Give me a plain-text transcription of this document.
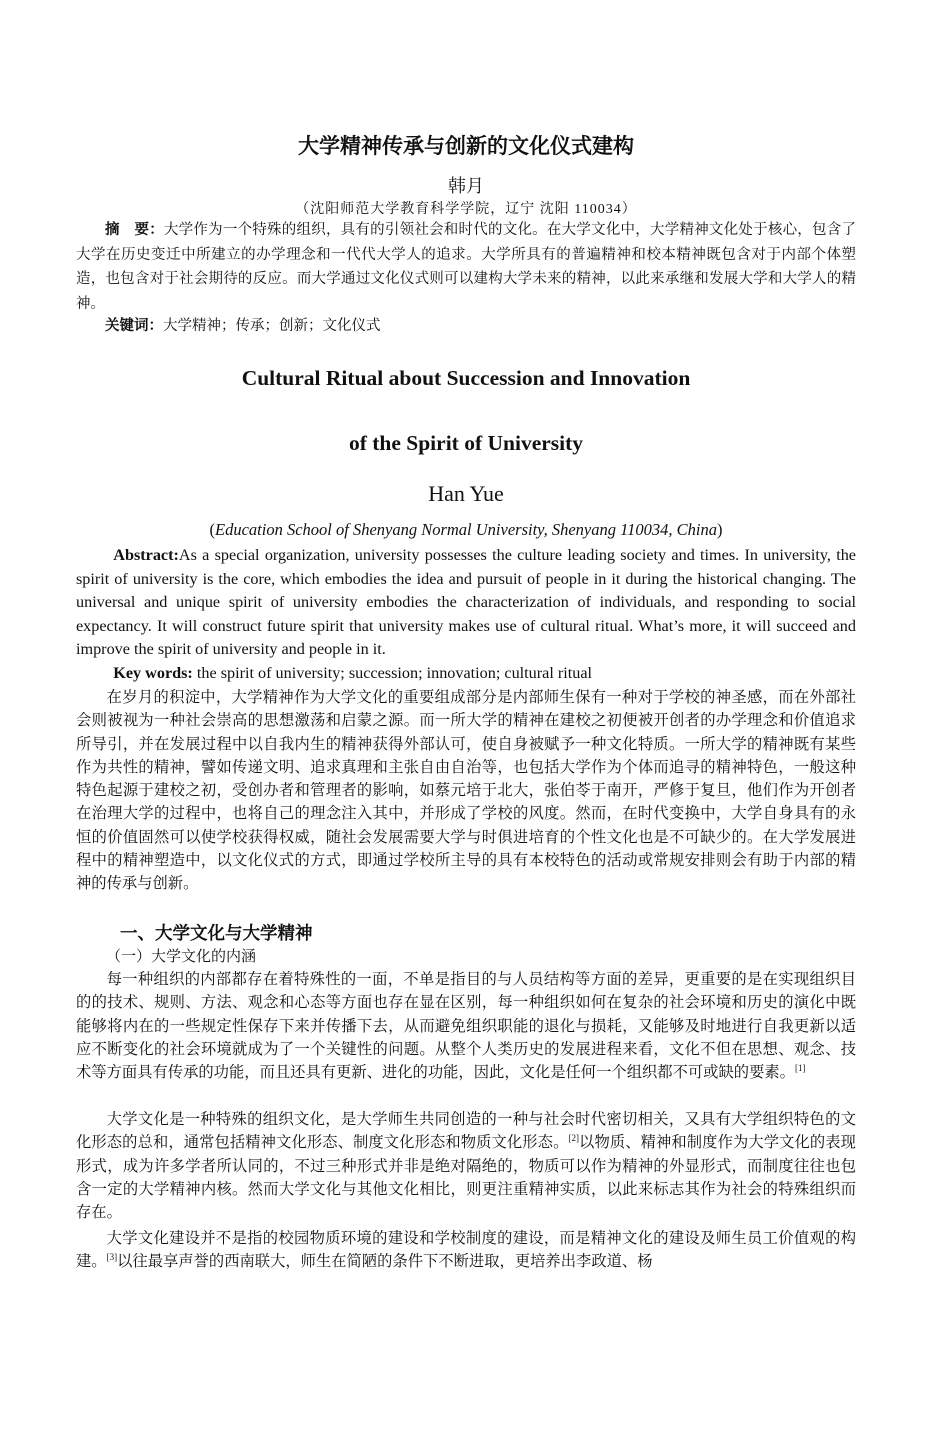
大学精神传承与创新的文化仪式建构
韩月
（沈阳师范大学教育科学学院，辽宁 沈阳 110034）
摘　要：大学作为一个特殊的组织，具有的引领社会和时代的文化。在大学文化中，大学精神文化处于核心，包含了大学在历史变迁中所建立的办学理念和一代代大学人的追求。大学所具有的普遍精神和校本精神既包含对于内部个体塑造，也包含对于社会期待的反应。而大学通过文化仪式则可以建构大学未来的精神，以此来承继和发展大学和大学人的精神。
关键词：大学精神；传承；创新；文化仪式
Cultural Ritual about Succession and Innovation
of the Spirit of University
Han Yue
(Education School of Shenyang Normal University, Shenyang 110034, China)
Abstract:As a special organization, university possesses the culture leading society and times. In university, the spirit of university is the core, which embodies the idea and pursuit of people in it during the historical changing. The universal and unique spirit of university embodies the characterization of individuals, and responding to social expectancy. It will construct future spirit that university makes use of cultural ritual. What’s more, it will succeed and improve the spirit of university and people in it.
Key words: the spirit of university; succession; innovation; cultural ritual
在岁月的积淀中，大学精神作为大学文化的重要组成部分是内部师生保有一种对于学校的神圣感，而在外部社会则被视为一种社会崇高的思想激荡和启蒙之源。而一所大学的精神在建校之初便被开创者的办学理念和价值追求所导引，并在发展过程中以自我内生的精神获得外部认可，使自身被赋予一种文化特质。一所大学的精神既有某些作为共性的精神，譬如传递文明、追求真理和主张自由自治等，也包括大学作为个体而追寻的精神特色，一般这种特色起源于建校之初，受创办者和管理者的影响，如蔡元培于北大，张伯苓于南开，严修于复旦，他们作为开创者在治理大学的过程中，也将自己的理念注入其中，并形成了学校的风度。然而，在时代变换中，大学自身具有的永恒的价值固然可以使学校获得权威，随社会发展需要大学与时俱进培育的个性文化也是不可缺少的。在大学发展进程中的精神塑造中，以文化仪式的方式，即通过学校所主导的具有本校特色的活动或常规安排则会有助于内部的精神的传承与创新。
一、大学文化与大学精神
（一）大学文化的内涵
每一种组织的内部都存在着特殊性的一面，不单是指目的与人员结构等方面的差异，更重要的是在实现组织目的的技术、规则、方法、观念和心态等方面也存在显在区别，每一种组织如何在复杂的社会环境和历史的演化中既能够将内在的一些规定性保存下来并传播下去，从而避免组织职能的退化与损耗，又能够及时地进行自我更新以适应不断变化的社会环境就成为了一个关键性的问题。从整个人类历史的发展进程来看，文化不但在思想、观念、技术等方面具有传承的功能，而且还具有更新、进化的功能，因此，文化是任何一个组织都不可或缺的要素。[1]
大学文化是一种特殊的组织文化，是大学师生共同创造的一种与社会时代密切相关，又具有大学组织特色的文化形态的总和，通常包括精神文化形态、制度文化形态和物质文化形态。[2]以物质、精神和制度作为大学文化的表现形式，成为许多学者所认同的，不过三种形式并非是绝对隔绝的，物质可以作为精神的外显形式，而制度往往也包含一定的大学精神内核。然而大学文化与其他文化相比，则更注重精神实质，以此来标志其作为社会的特殊组织而存在。
大学文化建设并不是指的校园物质环境的建设和学校制度的建设，而是精神文化的建设及师生员工价值观的构建。[3]以往最享声誉的西南联大，师生在简陋的条件下不断进取，更培养出李政道、杨
